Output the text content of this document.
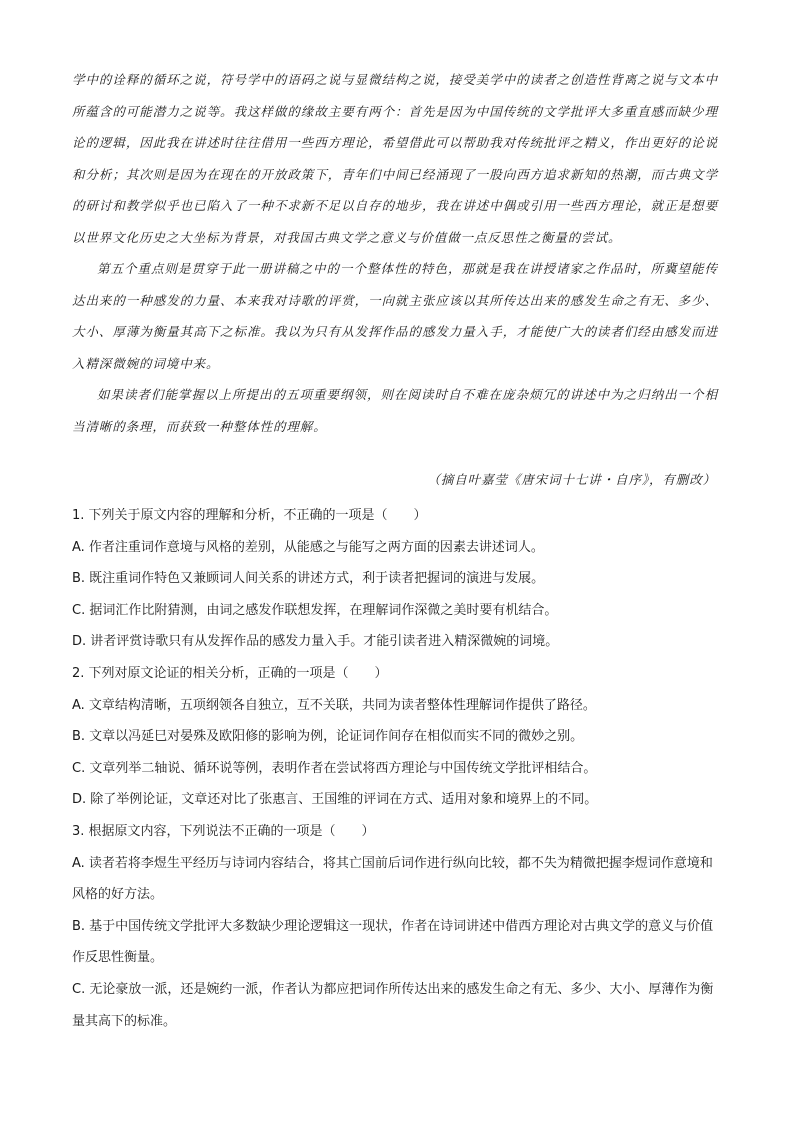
学中的诠释的循环之说，符号学中的语码之说与显微结构之说，接受美学中的读者之创造性背离之说与文本中所蕴含的可能潜力之说等。我这样做的缘故主要有两个：首先是因为中国传统的文学批评大多重直感而缺少理论的逻辑，因此我在讲述时往往借用一些西方理论，希望借此可以帮助我对传统批评之精义，作出更好的论说和分析；其次则是因为在现在的开放政策下，青年们中间已经涌现了一股向西方追求新知的热潮，而古典文学的研讨和教学似乎也已陷入了一种不求新不足以自存的地步，我在讲述中偶或引用一些西方理论，就正是想要以世界文化历史之大坐标为背景，对我国古典文学之意义与价值做一点反思性之衡量的尝试。

第五个重点则是贯穿于此一册讲稿之中的一个整体性的特色，那就是我在讲授诸家之作品时，所冀望能传达出来的一种感发的力量、本来我对诗歌的评赏，一向就主张应该以其所传达出来的感发生命之有无、多少、大小、厚薄为衡量其高下之标准。我以为只有从发挥作品的感发力量入手，才能使广大的读者们经由感发而进入精深微婉的词境中来。

如果读者们能掌握以上所提出的五项重要纲领，则在阅读时自不难在庞杂烦冗的讲述中为之归纳出一个相当清晰的条理，而获致一种整体性的理解。

（摘自叶嘉莹《唐宋词十七讲・自序》，有删改）

1. 下列关于原文内容的理解和分析，不正确的一项是（　　）

A. 作者注重词作意境与风格的差别，从能感之与能写之两方面的因素去讲述词人。

B. 既注重词作特色又兼顾词人间关系的讲述方式，利于读者把握词的演进与发展。

C. 据词汇作比附猜测，由词之感发作联想发挥，在理解词作深微之美时要有机结合。

D. 讲者评赏诗歌只有从发挥作品的感发力量入手。才能引读者进入精深微婉的词境。

2. 下列对原文论证的相关分析，正确的一项是（　　）

A. 文章结构清晰，五项纲领各自独立，互不关联，共同为读者整体性理解词作提供了路径。

B. 文章以冯延巳对晏殊及欧阳修的影响为例，论证词作间存在相似而实不同的微妙之别。

C. 文章列举二轴说、循环说等例，表明作者在尝试将西方理论与中国传统文学批评相结合。

D. 除了举例论证，文章还对比了张惠言、王国维的评词在方式、适用对象和境界上的不同。

3. 根据原文内容，下列说法不正确的一项是（　　）

A. 读者若将李煜生平经历与诗词内容结合，将其亡国前后词作进行纵向比较，都不失为精微把握李煜词作意境和风格的好方法。

B. 基于中国传统文学批评大多数缺少理论逻辑这一现状，作者在诗词讲述中借西方理论对古典文学的意义与价值作反思性衡量。

C. 无论豪放一派，还是婉约一派，作者认为都应把词作所传达出来的感发生命之有无、多少、大小、厚薄作为衡量其高下的标准。
